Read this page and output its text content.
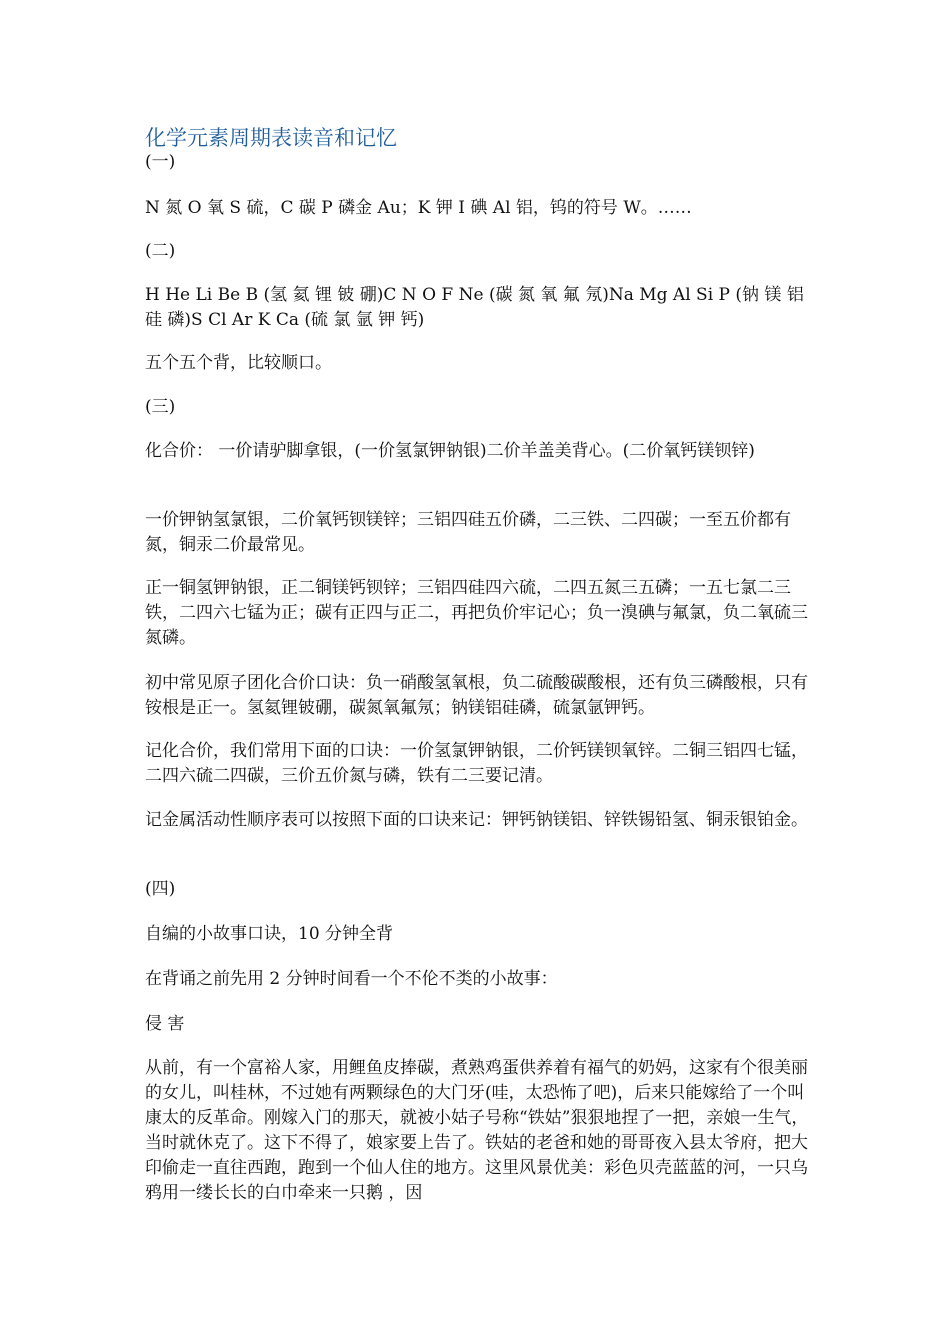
化学元素周期表读音和记忆

(一)

N 氮 O 氧 S 硫，C 碳 P 磷金 Au；K 钾 I 碘 Al 铝，钨的符号 W。……

(二)

H He Li Be B (氢 氦 锂 铍 硼)C N O F Ne (碳 氮 氧 氟 氖)Na Mg Al Si P (钠 镁 铝 硅 磷)S Cl Ar K Ca (硫 氯 氩 钾 钙)

五个五个背，比较顺口。

(三)

化合价： 一价请驴脚拿银，(一价氢氯钾钠银)二价羊盖美背心。(二价氧钙镁钡锌)

一价钾钠氢氯银，二价氧钙钡镁锌；三铝四硅五价磷，二三铁、二四碳；一至五价都有氮，铜汞二价最常见。

正一铜氢钾钠银，正二铜镁钙钡锌；三铝四硅四六硫，二四五氮三五磷；一五七氯二三铁，二四六七锰为正；碳有正四与正二，再把负价牢记心；负一溴碘与氟氯，负二氧硫三氮磷。

初中常见原子团化合价口诀：负一硝酸氢氧根，负二硫酸碳酸根，还有负三磷酸根，只有铵根是正一。氢氦锂铍硼，碳氮氧氟氖；钠镁铝硅磷，硫氯氩钾钙。

记化合价，我们常用下面的口诀：一价氢氯钾钠银，二价钙镁钡氧锌。二铜三铝四七锰，二四六硫二四碳，三价五价氮与磷，铁有二三要记清。

记金属活动性顺序表可以按照下面的口诀来记：钾钙钠镁铝、锌铁锡铅氢、铜汞银铂金。

(四)

自编的小故事口诀，10 分钟全背

在背诵之前先用 2 分钟时间看一个不伦不类的小故事：

侵 害

从前，有一个富裕人家，用鲤鱼皮捧碳，煮熟鸡蛋供养着有福气的奶妈，这家有个很美丽的女儿，叫桂林，不过她有两颗绿色的大门牙(哇，太恐怖了吧)，后来只能嫁给了一个叫康太的反革命。刚嫁入门的那天，就被小姑子号称“铁姑”狠狠地捏了一把，亲娘一生气，当时就休克了。这下不得了，娘家要上告了。铁姑的老爸和她的哥哥夜入县太爷府，把大印偷走一直往西跑，跑到一个仙人住的地方。这里风景优美：彩色贝壳蓝蓝的河，一只乌鸦用一缕长长的白巾牵来一只鹅 ，因
